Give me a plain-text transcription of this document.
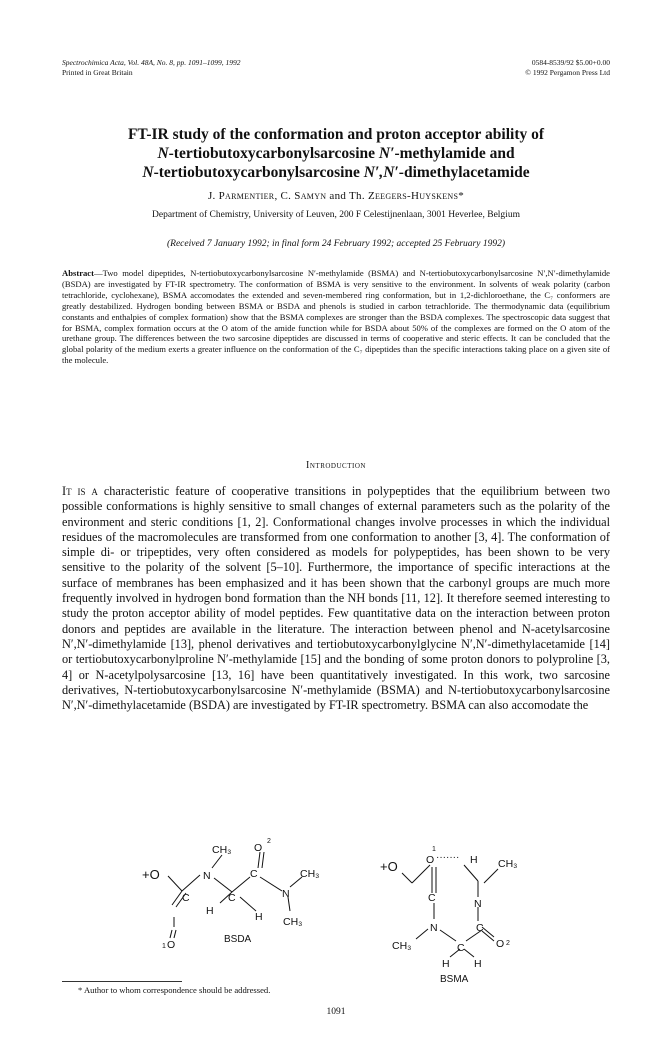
Spectrochimica Acta, Vol. 48A, No. 8, pp. 1091–1099, 1992
Printed in Great Britain
0584-8539/92 $5.00+0.00
© 1992 Pergamon Press Ltd
FT-IR study of the conformation and proton acceptor ability of
N-tertiobutoxycarbonylsarcosine N′-methylamide and
N-tertiobutoxycarbonylsarcosine N′,N′-dimethylacetamide
J. Parmentier, C. Samyn and Th. Zeegers-Huyskens*
Department of Chemistry, University of Leuven, 200 F Celestijnenlaan, 3001 Heverlee, Belgium
(Received 7 January 1992; in final form 24 February 1992; accepted 25 February 1992)
Abstract—Two model dipeptides, N-tertiobutoxycarbonylsarcosine N′-methylamide (BSMA) and N-tertiobutoxycarbonylsarcosine N′,N′-dimethylamide (BSDA) are investigated by FT-IR spectrometry. The conformation of BSMA is very sensitive to the environment. In solvents of weak polarity (carbon tetrachloride, cyclohexane), BSMA accomodates the extended and seven-membered ring conformation, but in 1,2-dichloroethane, the C₇ conformers are greatly destabilized. Hydrogen bonding between BSMA or BSDA and phenols is studied in carbon tetrachloride. The thermodynamic data (equilibrium constants and enthalpies of complex formation) show that the BSMA complexes are stronger than the BSDA complexes. The spectroscopic data suggest that for BSMA, complex formation occurs at the O atom of the amide function while for BSDA about 50% of the complexes are formed on the O atom of the urethane group. The differences between the two sarcosine dipeptides are discussed in terms of cooperative and steric effects. It can be concluded that the global polarity of the medium exerts a greater influence on the conformation of the C₇ dipeptides than the specific interactions taking place on a given site of the molecule.
Introduction
It is a characteristic feature of cooperative transitions in polypeptides that the equilibrium between two possible conformations is highly sensitive to small changes of external parameters such as the polarity of the environment and steric conditions [1, 2]. Conformational changes involve processes in which the individual residues of the macromolecules are transformed from one conformation to another [3, 4]. The conformation of simple di- or tripeptides, very often considered as models for polypeptides, has been shown to be very sensitive to the polarity of the solvent [5–10]. Furthermore, the importance of specific interactions at the surface of membranes has been emphasized and it has been shown that the carbonyl groups are much more frequently involved in hydrogen bond formation than the NH bonds [11, 12]. It therefore seemed interesting to study the proton acceptor ability of model peptides. Few quantitative data on the interaction between proton donors and peptides are available in the literature. The interaction between phenol and N-acetylsarcosine N′,N′-dimethylamide [13], phenol derivatives and tertiobutoxycarbonylglycine N′,N′-dimethylacetamide [14] or tertiobutoxycarbonylproline N′-methylamide [15] and the bonding of some proton donors to polyproline [3, 4] or N-acetylpolysarcosine [13, 16] have been quantitatively investigated. In this work, two sarcosine derivatives, N-tertiobutoxycarbonylsarcosine N′-methylamide (BSMA) and N-tertiobutoxycarbonylsarcosine N′,N′-dimethylacetamide (BSDA) are investigated by FT-IR spectrometry. BSMA can also accomodate the
CH₃ O
2
+O	N	C	CH₃
C	C	N
H	H CH₃
1 O	BSDA
+O
1
O ······· H
C	N
CH₃
N	C
CH₃	C	O 2
H H
BSMA
* Author to whom correspondence should be addressed.
1091
